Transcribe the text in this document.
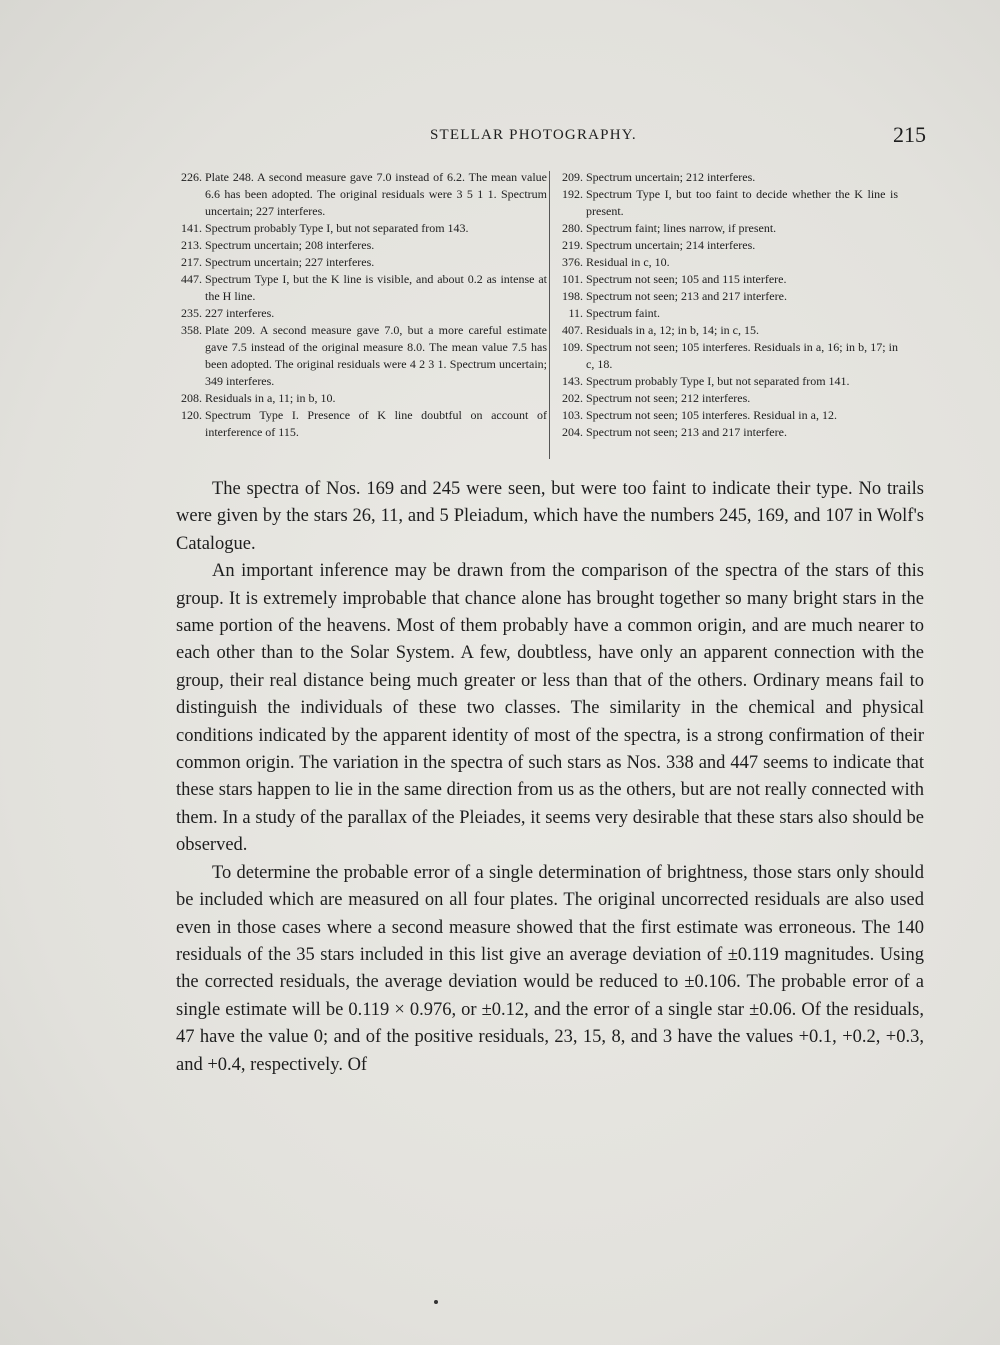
STELLAR PHOTOGRAPHY.	215
226. Plate 248. A second measure gave 7.0 instead of 6.2. The mean value 6.6 has been adopted. The original residuals were 3 5 1 1. Spectrum uncertain; 227 interferes.
141. Spectrum probably Type I, but not separated from 143.
213. Spectrum uncertain; 208 interferes.
217. Spectrum uncertain; 227 interferes.
447. Spectrum Type I, but the K line is visible, and about 0.2 as intense at the H line.
235. 227 interferes.
358. Plate 209. A second measure gave 7.0, but a more careful estimate gave 7.5 instead of the original measure 8.0. The mean value 7.5 has been adopted. The original residuals were 4 2 3 1. Spectrum uncertain; 349 interferes.
208. Residuals in a, 11; in b, 10.
120. Spectrum Type I. Presence of K line doubtful on account of interference of 115.
209. Spectrum uncertain; 212 interferes.
192. Spectrum Type I, but too faint to decide whether the K line is present.
280. Spectrum faint; lines narrow, if present.
219. Spectrum uncertain; 214 interferes.
376. Residual in c, 10.
101. Spectrum not seen; 105 and 115 interfere.
198. Spectrum not seen; 213 and 217 interfere.
11. Spectrum faint.
407. Residuals in a, 12; in b, 14; in c, 15.
109. Spectrum not seen; 105 interferes. Residuals in a, 16; in b, 17; in c, 18.
143. Spectrum probably Type I, but not separated from 141.
202. Spectrum not seen; 212 interferes.
103. Spectrum not seen; 105 interferes. Residual in a, 12.
204. Spectrum not seen; 213 and 217 interfere.

The spectra of Nos. 169 and 245 were seen, but were too faint to indicate their type. No trails were given by the stars 26, 11, and 5 Pleiadum, which have the numbers 245, 169, and 107 in Wolf's Catalogue.

An important inference may be drawn from the comparison of the spectra of the stars of this group. It is extremely improbable that chance alone has brought together so many bright stars in the same portion of the heavens. Most of them probably have a common origin, and are much nearer to each other than to the Solar System. A few, doubtless, have only an apparent connection with the group, their real distance being much greater or less than that of the others. Ordinary means fail to distinguish the individuals of these two classes. The similarity in the chemical and physical conditions indicated by the apparent identity of most of the spectra, is a strong confirmation of their common origin. The variation in the spectra of such stars as Nos. 338 and 447 seems to indicate that these stars happen to lie in the same direction from us as the others, but are not really connected with them. In a study of the parallax of the Pleiades, it seems very desirable that these stars also should be observed.

To determine the probable error of a single determination of brightness, those stars only should be included which are measured on all four plates. The original uncorrected residuals are also used even in those cases where a second measure showed that the first estimate was erroneous. The 140 residuals of the 35 stars included in this list give an average deviation of ±0.119 magnitudes. Using the corrected residuals, the average deviation would be reduced to ±0.106. The probable error of a single estimate will be 0.119 × 0.976, or ±0.12, and the error of a single star ±0.06. Of the residuals, 47 have the value 0; and of the positive residuals, 23, 15, 8, and 3 have the values +0.1, +0.2, +0.3, and +0.4, respectively. Of
